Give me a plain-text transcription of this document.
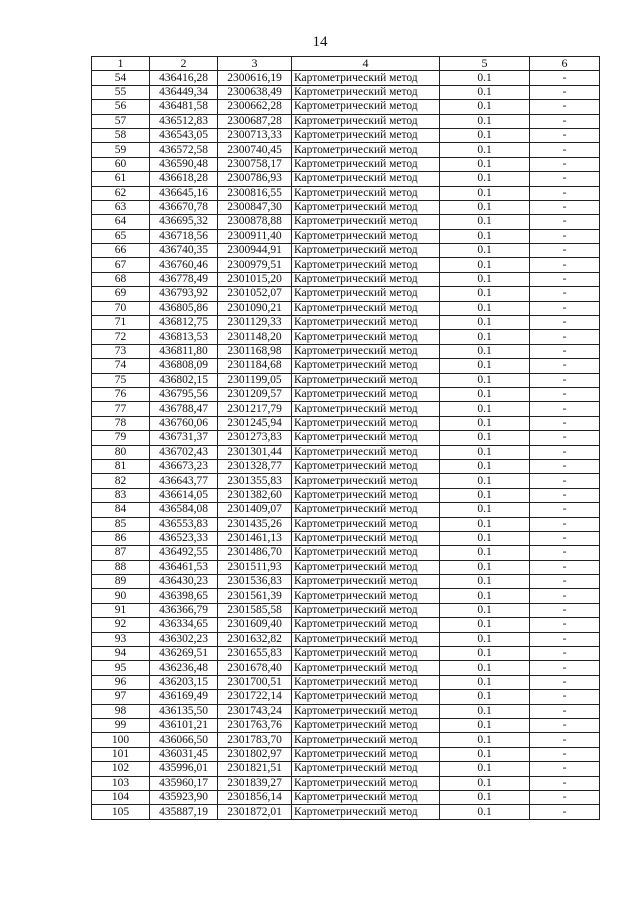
14
1	2	3	4	5	6
54	436416,28	2300616,19	Картометрический метод	0.1	-
55	436449,34	2300638,49	Картометрический метод	0.1	-
56	436481,58	2300662,28	Картометрический метод	0.1	-
57	436512,83	2300687,28	Картометрический метод	0.1	-
58	436543,05	2300713,33	Картометрический метод	0.1	-
59	436572,58	2300740,45	Картометрический метод	0.1	-
60	436590,48	2300758,17	Картометрический метод	0.1	-
61	436618,28	2300786,93	Картометрический метод	0.1	-
62	436645,16	2300816,55	Картометрический метод	0.1	-
63	436670,78	2300847,30	Картометрический метод	0.1	-
64	436695,32	2300878,88	Картометрический метод	0.1	-
65	436718,56	2300911,40	Картометрический метод	0.1	-
66	436740,35	2300944,91	Картометрический метод	0.1	-
67	436760,46	2300979,51	Картометрический метод	0.1	-
68	436778,49	2301015,20	Картометрический метод	0.1	-
69	436793,92	2301052,07	Картометрический метод	0.1	-
70	436805,86	2301090,21	Картометрический метод	0.1	-
71	436812,75	2301129,33	Картометрический метод	0.1	-
72	436813,53	2301148,20	Картометрический метод	0.1	-
73	436811,80	2301168,98	Картометрический метод	0.1	-
74	436808,09	2301184,68	Картометрический метод	0.1	-
75	436802,15	2301199,05	Картометрический метод	0.1	-
76	436795,56	2301209,57	Картометрический метод	0.1	-
77	436788,47	2301217,79	Картометрический метод	0.1	-
78	436760,06	2301245,94	Картометрический метод	0.1	-
79	436731,37	2301273,83	Картометрический метод	0.1	-
80	436702,43	2301301,44	Картометрический метод	0.1	-
81	436673,23	2301328,77	Картометрический метод	0.1	-
82	436643,77	2301355,83	Картометрический метод	0.1	-
83	436614,05	2301382,60	Картометрический метод	0.1	-
84	436584,08	2301409,07	Картометрический метод	0.1	-
85	436553,83	2301435,26	Картометрический метод	0.1	-
86	436523,33	2301461,13	Картометрический метод	0.1	-
87	436492,55	2301486,70	Картометрический метод	0.1	-
88	436461,53	2301511,93	Картометрический метод	0.1	-
89	436430,23	2301536,83	Картометрический метод	0.1	-
90	436398,65	2301561,39	Картометрический метод	0.1	-
91	436366,79	2301585,58	Картометрический метод	0.1	-
92	436334,65	2301609,40	Картометрический метод	0.1	-
93	436302,23	2301632,82	Картометрический метод	0.1	-
94	436269,51	2301655,83	Картометрический метод	0.1	-
95	436236,48	2301678,40	Картометрический метод	0.1	-
96	436203,15	2301700,51	Картометрический метод	0.1	-
97	436169,49	2301722,14	Картометрический метод	0.1	-
98	436135,50	2301743,24	Картометрический метод	0.1	-
99	436101,21	2301763,76	Картометрический метод	0.1	-
100	436066,50	2301783,70	Картометрический метод	0.1	-
101	436031,45	2301802,97	Картометрический метод	0.1	-
102	435996,01	2301821,51	Картометрический метод	0.1	-
103	435960,17	2301839,27	Картометрический метод	0.1	-
104	435923,90	2301856,14	Картометрический метод	0.1	-
105	435887,19	2301872,01	Картометрический метод	0.1	-
